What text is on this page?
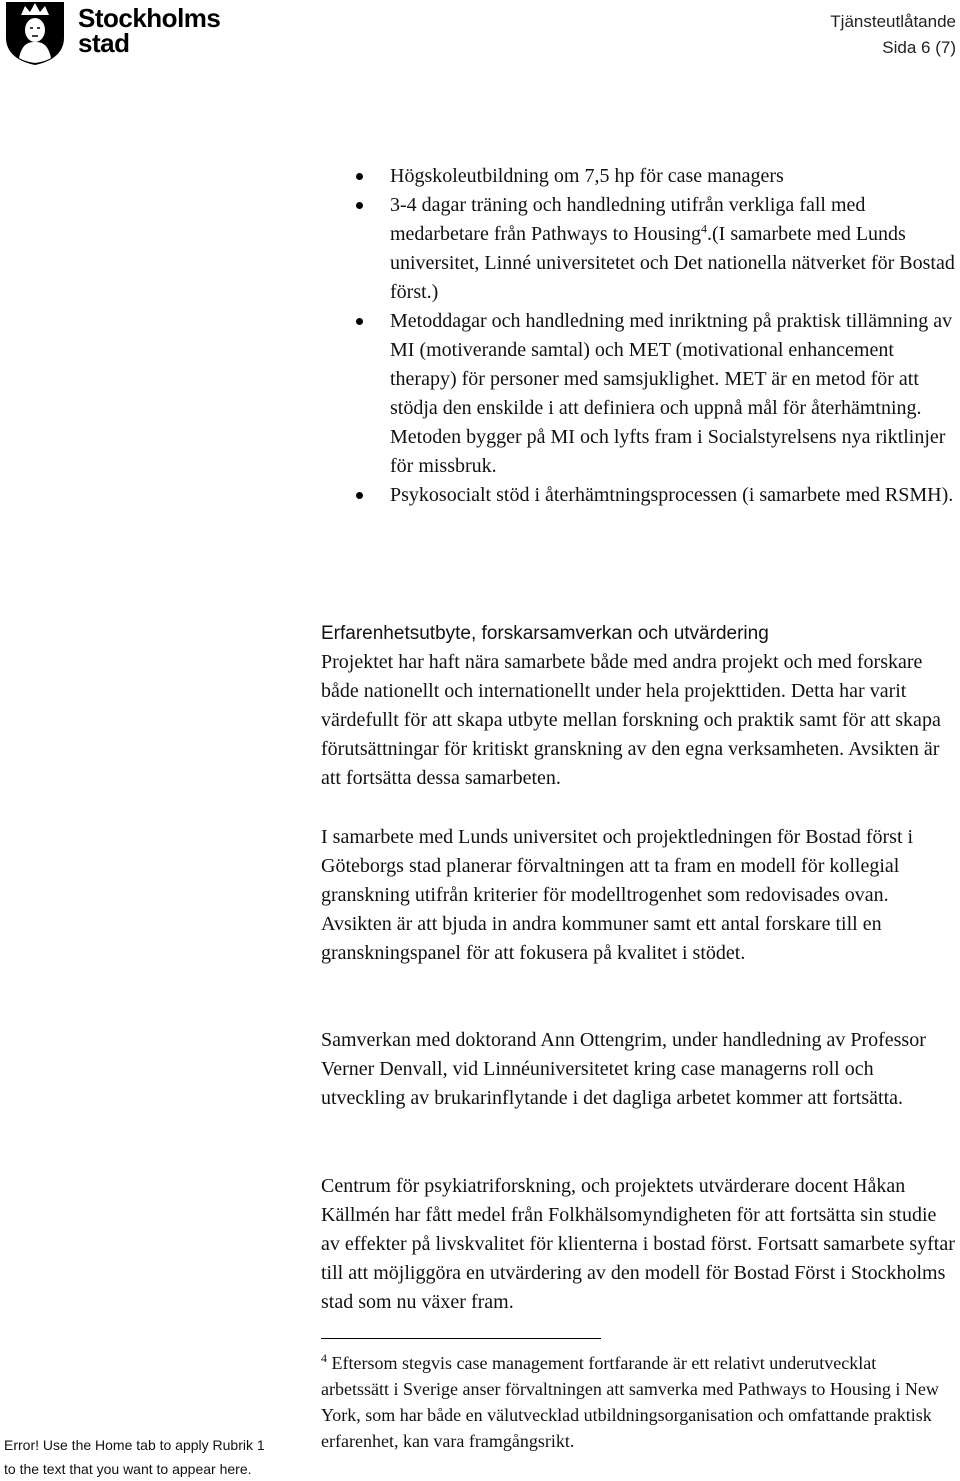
Stockholms
stad
Tjänsteutlåtande
Sida 6 (7)
Högskoleutbildning om 7,5 hp för case managers
3-4 dagar träning och handledning utifrån verkliga fall med medarbetare från Pathways to Housing$^4$.(I samarbete med Lunds universitet, Linné universitetet och Det nationella nätverket för Bostad först.)
Metoddagar och handledning med inriktning på praktisk tillämning av MI (motiverande samtal) och MET (motivational enhancement therapy) för personer med samsjuklighet. MET är en metod för att stödja den enskilde i att definiera och uppnå mål för återhämtning. Metoden bygger på MI och lyfts fram i Socialstyrelsens nya riktlinjer för missbruk.
Psykosocialt stöd i återhämtningsprocessen (i samarbete med RSMH).
Erfarenhetsutbyte, forskarsamverkan och utvärdering

Projektet har haft nära samarbete både med andra projekt och med forskare både nationellt och internationellt under hela projekttiden. Detta har varit värdefullt för att skapa utbyte mellan forskning och praktik samt för att skapa förutsättningar för kritiskt granskning av den egna verksamheten. Avsikten är att fortsätta dessa samarbeten.

I samarbete med Lunds universitet och projektledningen för Bostad först i Göteborgs stad planerar förvaltningen att ta fram en modell för kollegial granskning utifrån kriterier för modelltrogenhet som redovisades ovan. Avsikten är att bjuda in andra kommuner samt ett antal forskare till en granskningspanel för att fokusera på kvalitet i stödet.

Samverkan med doktorand Ann Ottengrim, under handledning av Professor Verner Denvall, vid Linnéuniversitetet kring case managerns roll och utveckling av brukarinflytande i det dagliga arbetet kommer att fortsätta.

Centrum för psykiatriforskning, och projektets utvärderare docent Håkan Källmén har fått medel från Folkhälsomyndigheten för att fortsätta sin studie av effekter på livskvalitet för klienterna i bostad först. Fortsatt samarbete syftar till att möjliggöra en utvärdering av den modell för Bostad Först i Stockholms stad som nu växer fram.

$^4$ Eftersom stegvis case management fortfarande är ett relativt underutvecklat arbetssätt i Sverige anser förvaltningen att samverka med Pathways to Housing i New York, som har både en välutvecklad utbildningsorganisation och omfattande praktisk erfarenhet, kan vara framgångsrikt.

Error! Use the Home tab to apply Rubrik 1
to the text that you want to appear here.
